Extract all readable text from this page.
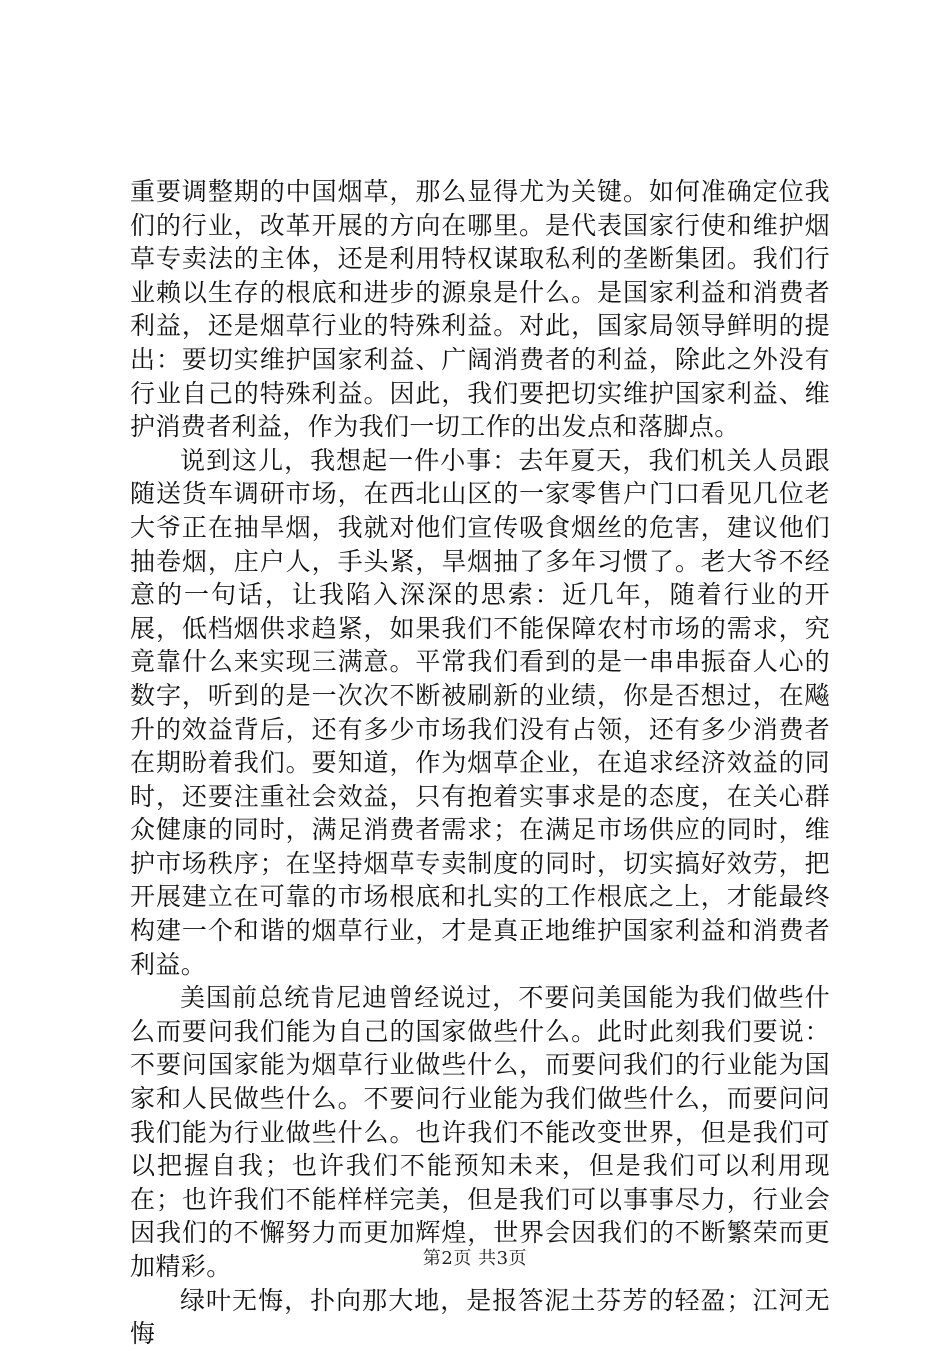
重要调整期的中国烟草，那么显得尤为关键。如何准确定位我们的行业，改革开展的方向在哪里。是代表国家行使和维护烟草专卖法的主体，还是利用特权谋取私利的垄断集团。我们行业赖以生存的根底和进步的源泉是什么。是国家利益和消费者利益，还是烟草行业的特殊利益。对此，国家局领导鲜明的提出：要切实维护国家利益、广阔消费者的利益，除此之外没有行业自己的特殊利益。因此，我们要把切实维护国家利益、维护消费者利益，作为我们一切工作的出发点和落脚点。

说到这儿，我想起一件小事：去年夏天，我们机关人员跟随送货车调研市场，在西北山区的一家零售户门口看见几位老大爷正在抽旱烟，我就对他们宣传吸食烟丝的危害，建议他们抽卷烟，庄户人，手头紧，旱烟抽了多年习惯了。老大爷不经意的一句话，让我陷入深深的思索：近几年，随着行业的开展，低档烟供求趋紧，如果我们不能保障农村市场的需求，究竟靠什么来实现三满意。平常我们看到的是一串串振奋人心的数字，听到的是一次次不断被刷新的业绩，你是否想过，在飚升的效益背后，还有多少市场我们没有占领，还有多少消费者在期盼着我们。要知道，作为烟草企业，在追求经济效益的同时，还要注重社会效益，只有抱着实事求是的态度，在关心群众健康的同时，满足消费者需求；在满足市场供应的同时，维护市场秩序；在坚持烟草专卖制度的同时，切实搞好效劳，把开展建立在可靠的市场根底和扎实的工作根底之上，才能最终构建一个和谐的烟草行业，才是真正地维护国家利益和消费者利益。

美国前总统肯尼迪曾经说过，不要问美国能为我们做些什么而要问我们能为自己的国家做些什么。此时此刻我们要说：不要问国家能为烟草行业做些什么，而要问我们的行业能为国家和人民做些什么。不要问行业能为我们做些什么，而要问问我们能为行业做些什么。也许我们不能改变世界，但是我们可以把握自我；也许我们不能预知未来，但是我们可以利用现在；也许我们不能样样完美，但是我们可以事事尽力，行业会因我们的不懈努力而更加辉煌，世界会因我们的不断繁荣而更加精彩。

绿叶无悔，扑向那大地，是报答泥土芬芳的轻盈；江河无悔

第2页 共3页
